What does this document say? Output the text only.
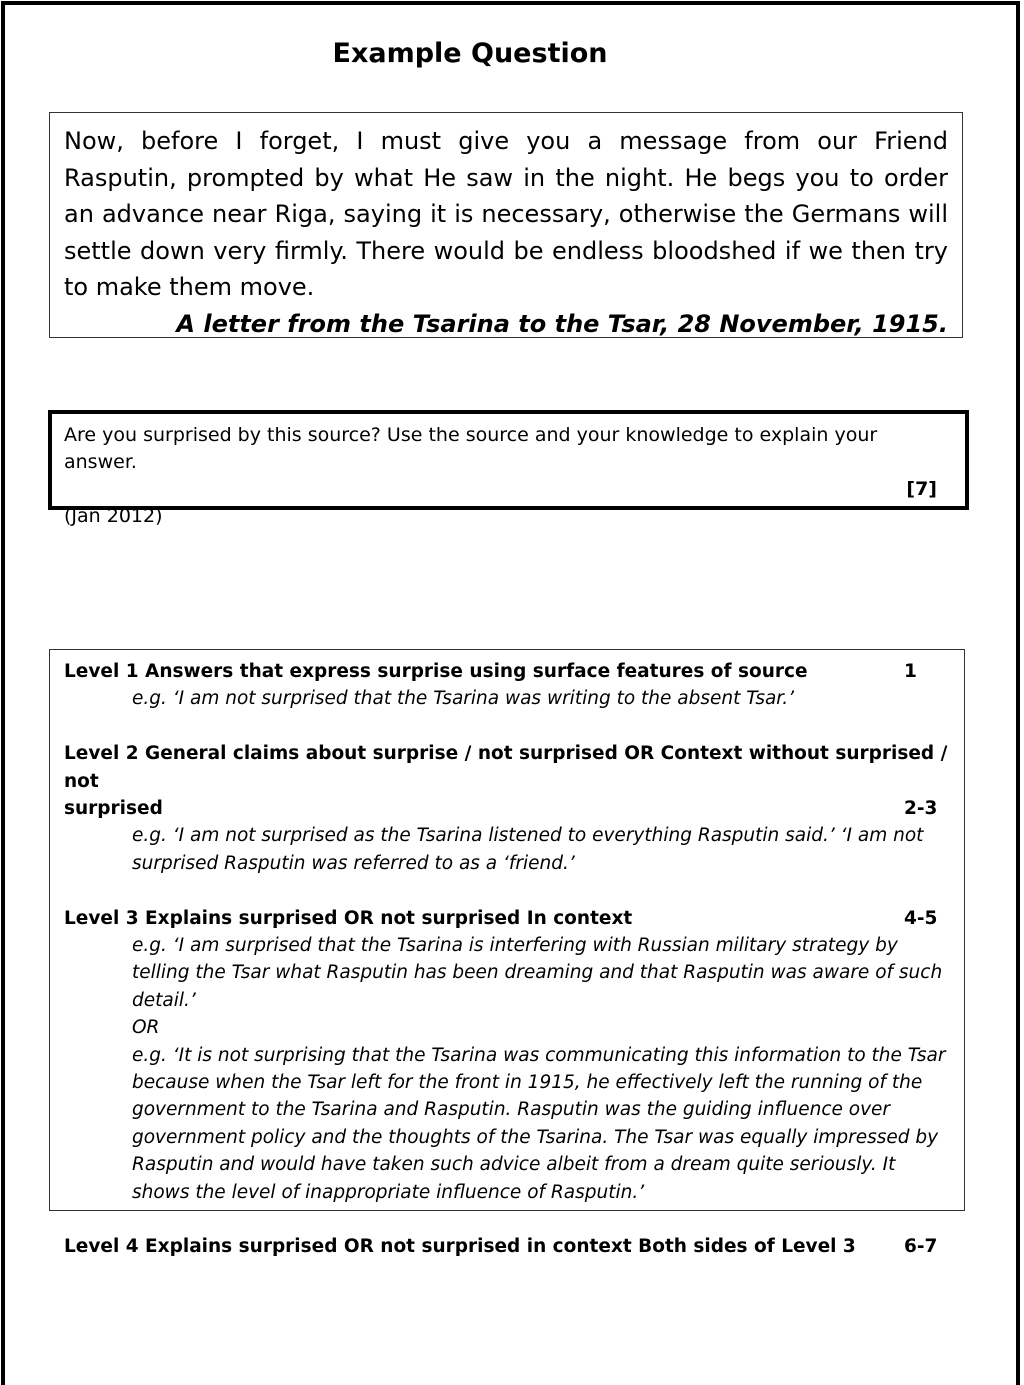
Example Question

Now, before I forget, I must give you a message from our Friend Rasputin, prompted by what He saw in the night. He begs you to order an advance near Riga, saying it is necessary, otherwise the Germans will settle down very firmly. There would be endless bloodshed if we then try to make them move.

A letter from the Tsarina to the Tsar, 28 November, 1915.

Are you surprised by this source? Use the source and your knowledge to explain your answer.

[7]

(Jan 2012)

Level 1 Answers that express surprise using surface features of source	1

e.g. ‘I am not surprised that the Tsarina was writing to the absent Tsar.’

Level 2 General claims about surprise / not surprised OR Context without surprised / not
surprised	2-3

e.g. ‘I am not surprised as the Tsarina listened to everything Rasputin said.’ ‘I am not surprised Rasputin was referred to as a ‘friend.’

Level 3 Explains surprised OR not surprised In context	4-5

e.g. ‘I am surprised that the Tsarina is interfering with Russian military strategy by telling the Tsar what Rasputin has been dreaming and that Rasputin was aware of such detail.’

OR

e.g. ‘It is not surprising that the Tsarina was communicating this information to the Tsar because when the Tsar left for the front in 1915, he effectively left the running of the government to the Tsarina and Rasputin. Rasputin was the guiding influence over government policy and the thoughts of the Tsarina. The Tsar was equally impressed by Rasputin and would have taken such advice albeit from a dream quite seriously. It shows the level of inappropriate influence of Rasputin.’

Level 4 Explains surprised OR not surprised in context Both sides of Level 3	6-7
